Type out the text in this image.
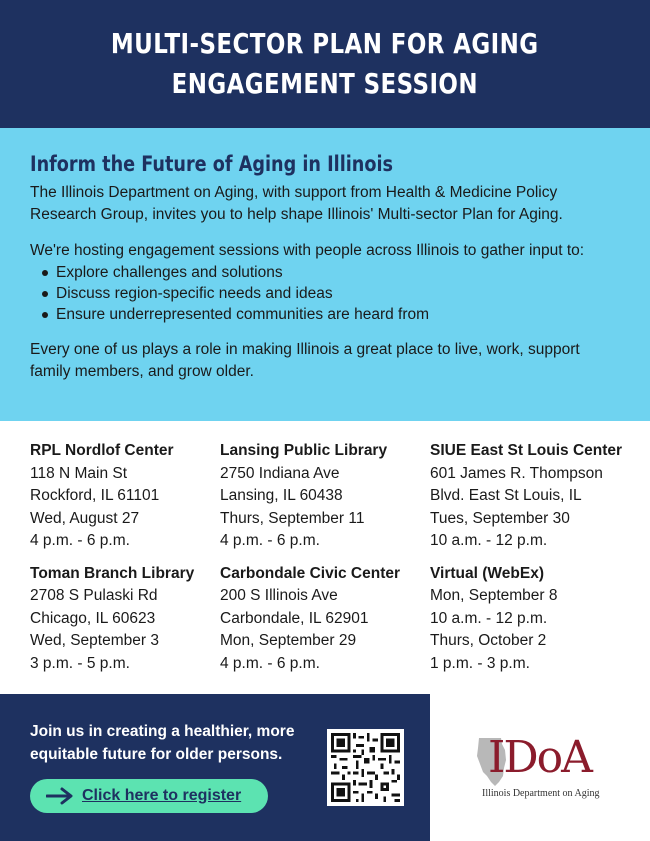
MULTI-SECTOR PLAN FOR AGING
ENGAGEMENT SESSION
Inform the Future of Aging in Illinois

The Illinois Department on Aging, with support from Health & Medicine Policy Research Group, invites you to help shape Illinois' Multi-sector Plan for Aging.

We're hosting engagement sessions with people across Illinois to gather input to:

Explore challenges and solutions
Discuss region-specific needs and ideas
Ensure underrepresented communities are heard from

Every one of us plays a role in making Illinois a great place to live, work, support family members, and grow older.

RPL Nordlof Center
118 N Main St
Rockford, IL 61101
Wed, August 27
4 p.m. - 6 p.m.
Lansing Public Library
2750 Indiana Ave
Lansing, IL 60438
Thurs, September 11
4 p.m. - 6 p.m.
SIUE East St Louis Center
601 James R. Thompson
Blvd. East St Louis, IL
Tues, September 30
10 a.m. - 12 p.m.
Toman Branch Library
2708 S Pulaski Rd
Chicago, IL 60623
Wed, September 3
3 p.m. - 5 p.m.
Carbondale Civic Center
200 S Illinois Ave
Carbondale, IL 62901
Mon, September 29
4 p.m. - 6 p.m.
Virtual (WebEx)
Mon, September 8
10 a.m. - 12 p.m.
Thurs, October 2
1 p.m. - 3 p.m.
Join us in creating a healthier, more equitable future for older persons.
Click here to register
IDoA
Illinois Department on Aging
